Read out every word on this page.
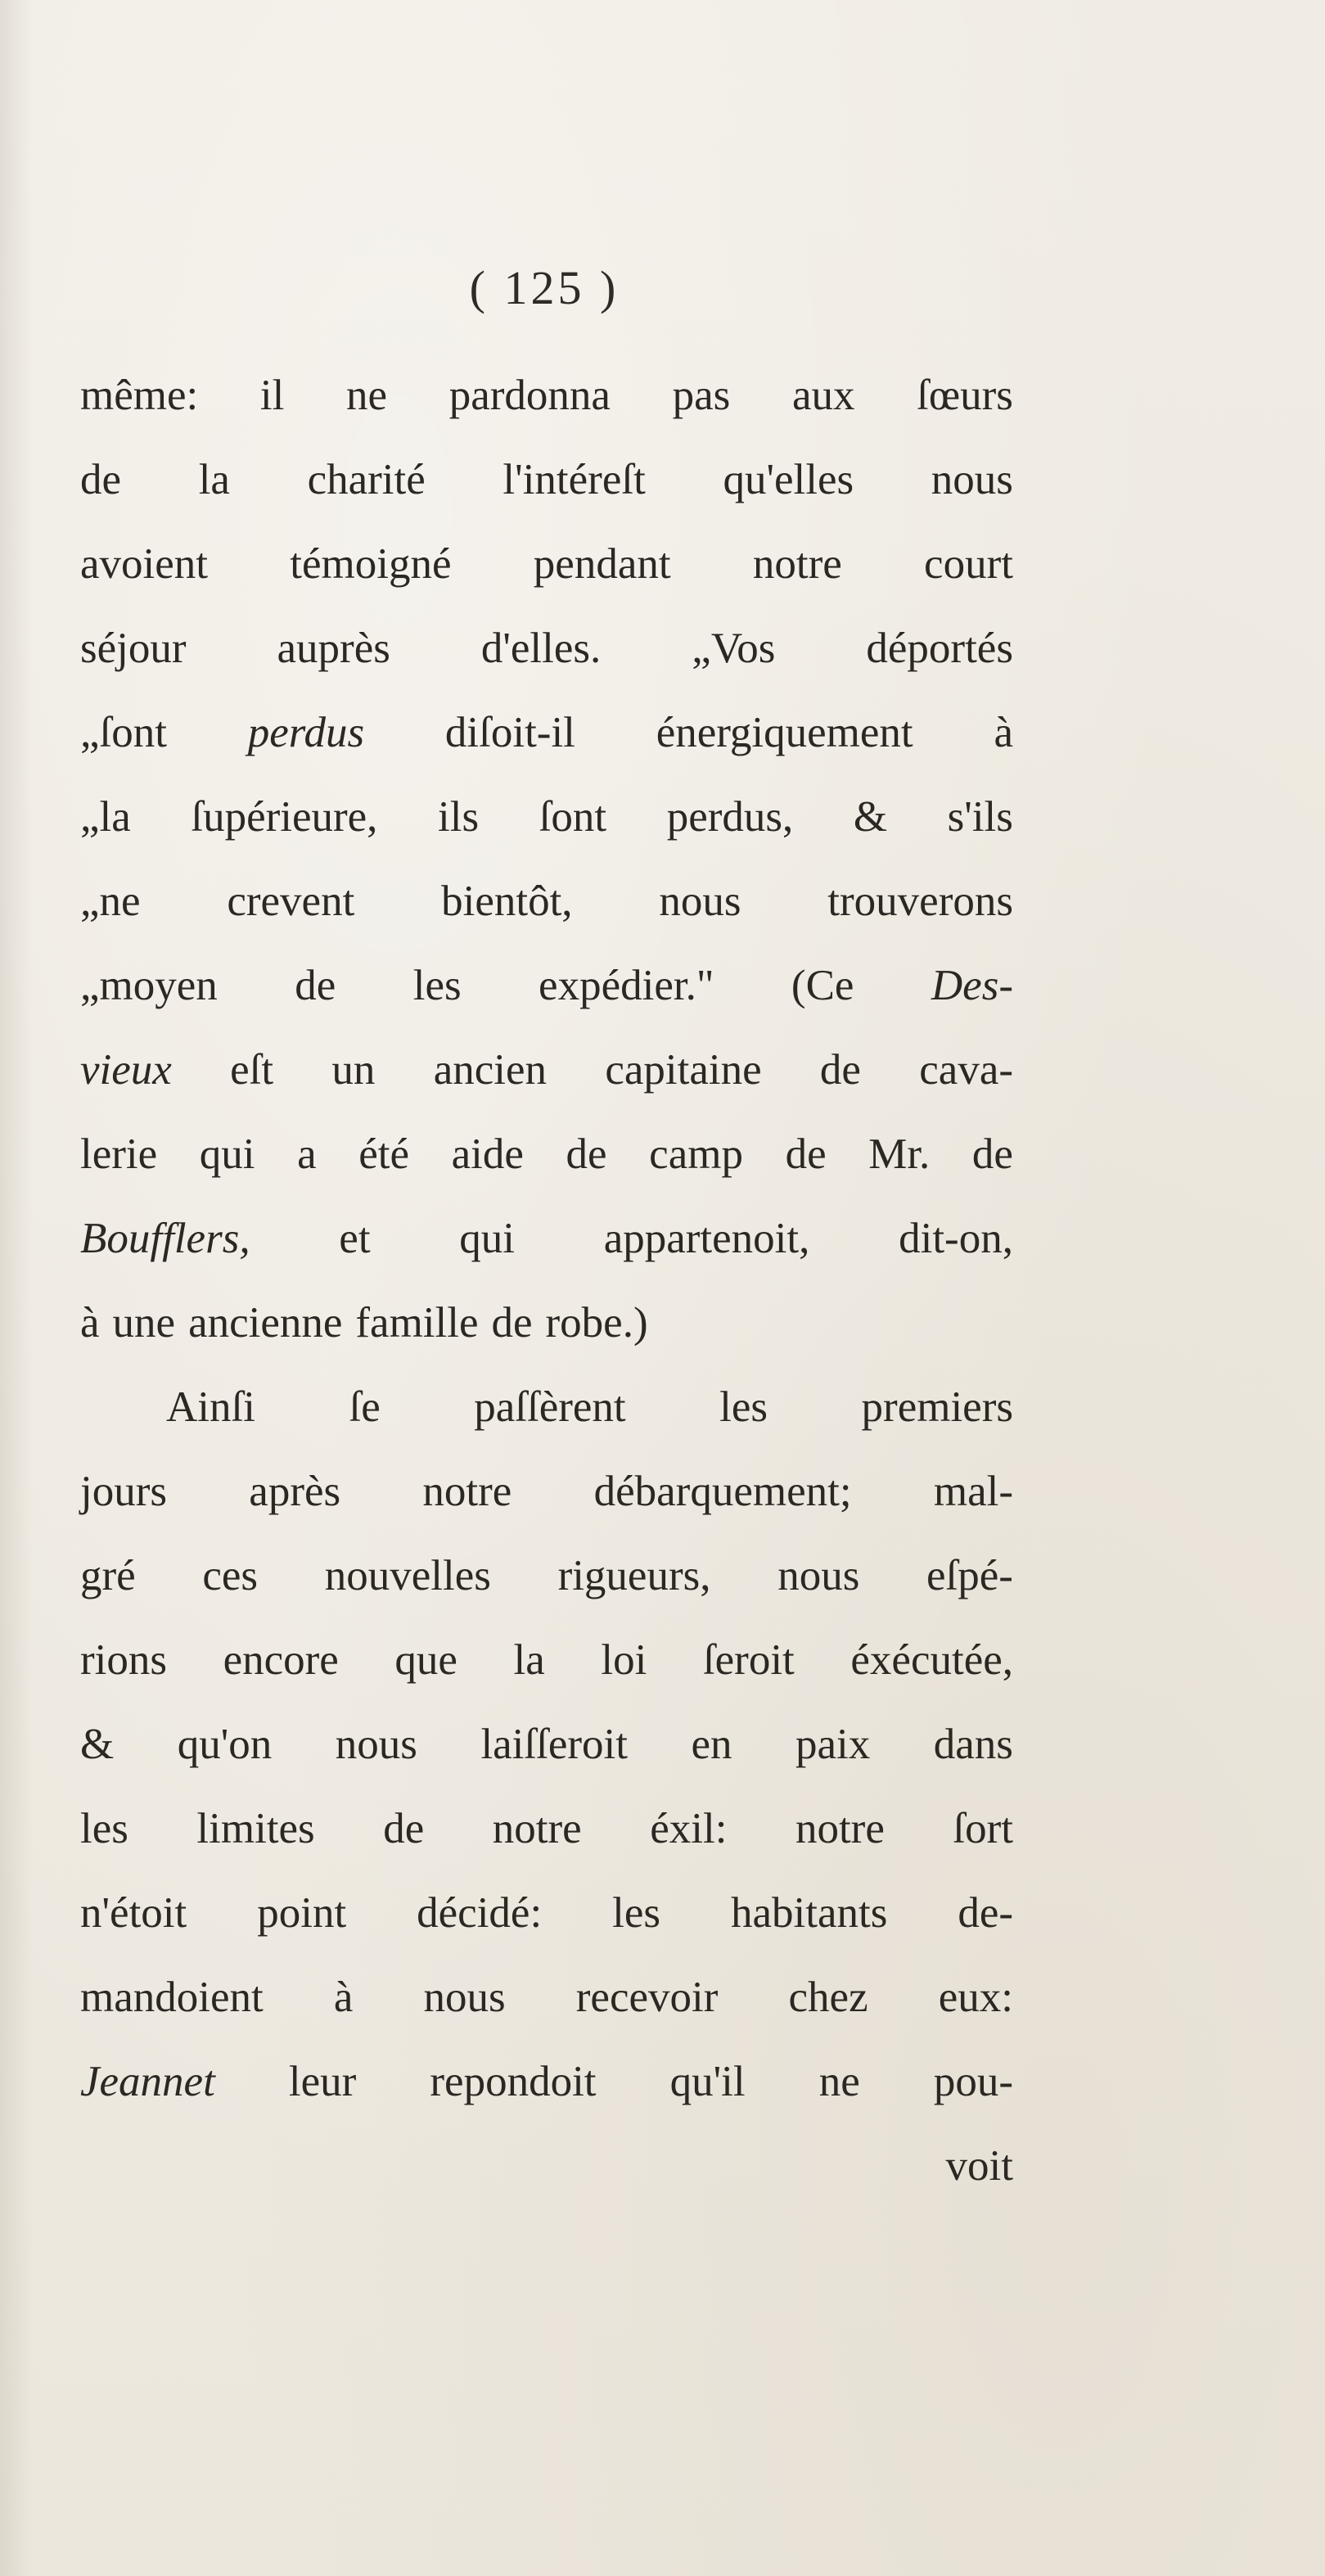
( 125 )
même: il ne pardonna pas aux ſœurs
de la charité l'intéreſt qu'elles nous
avoient témoigné pendant notre court
séjour auprès d'elles. „Vos déportés
„ſont perdus diſoit-il énergiquement à
„la ſupérieure, ils ſont perdus, & s'ils
„ne crevent bientôt, nous trouverons
„moyen de les expédier." (Ce Des-
vieux eſt un ancien capitaine de cava-
lerie qui a été aide de camp de Mr. de
Boufflers, et qui appartenoit, dit-on,
à une ancienne famille de robe.)
Ainſi ſe paſſèrent les premiers
jours après notre débarquement; mal-
gré ces nouvelles rigueurs, nous eſpé-
rions encore que la loi ſeroit éxécutée,
& qu'on nous laiſſeroit en paix dans
les limites de notre éxil: notre ſort
n'étoit point décidé: les habitants de-
mandoient à nous recevoir chez eux:
Jeannet leur repondoit qu'il ne pou-
voit
